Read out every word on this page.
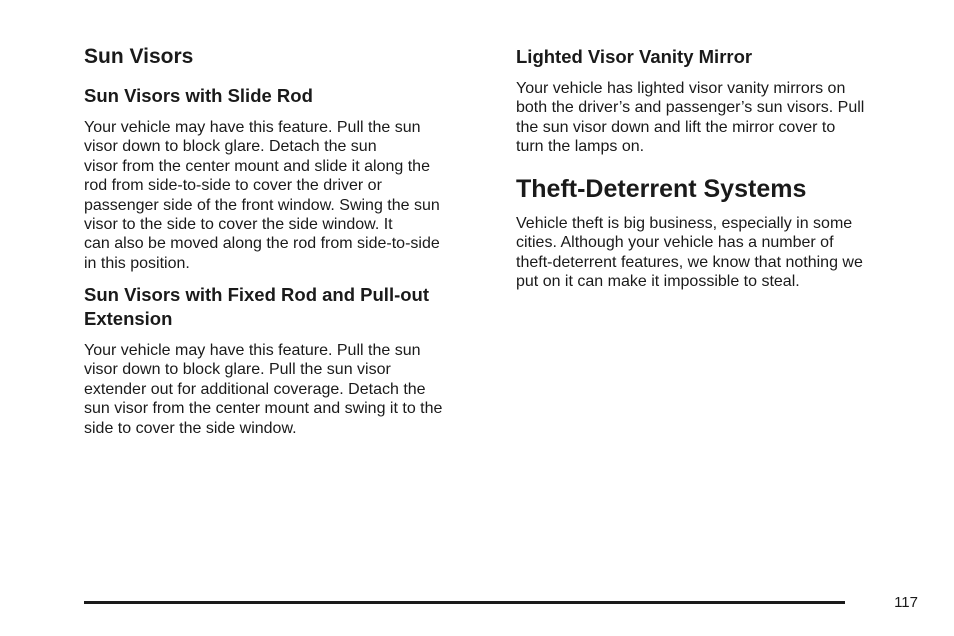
Sun Visors
Sun Visors with Slide Rod

Your vehicle may have this feature. Pull the sun
visor down to block glare. Detach the sun
visor from the center mount and slide it along the
rod from side-to-side to cover the driver or
passenger side of the front window. Swing the sun
visor to the side to cover the side window. It
can also be moved along the rod from side-to-side
in this position.

Sun Visors with Fixed Rod and Pull-out
Extension

Your vehicle may have this feature. Pull the sun
visor down to block glare. Pull the sun visor
extender out for additional coverage. Detach the
sun visor from the center mount and swing it to the
side to cover the side window.

Lighted Visor Vanity Mirror

Your vehicle has lighted visor vanity mirrors on
both the driver’s and passenger’s sun visors. Pull
the sun visor down and lift the mirror cover to
turn the lamps on.

Theft-Deterrent Systems

Vehicle theft is big business, especially in some
cities. Although your vehicle has a number of
theft-deterrent features, we know that nothing we
put on it can make it impossible to steal.

117
